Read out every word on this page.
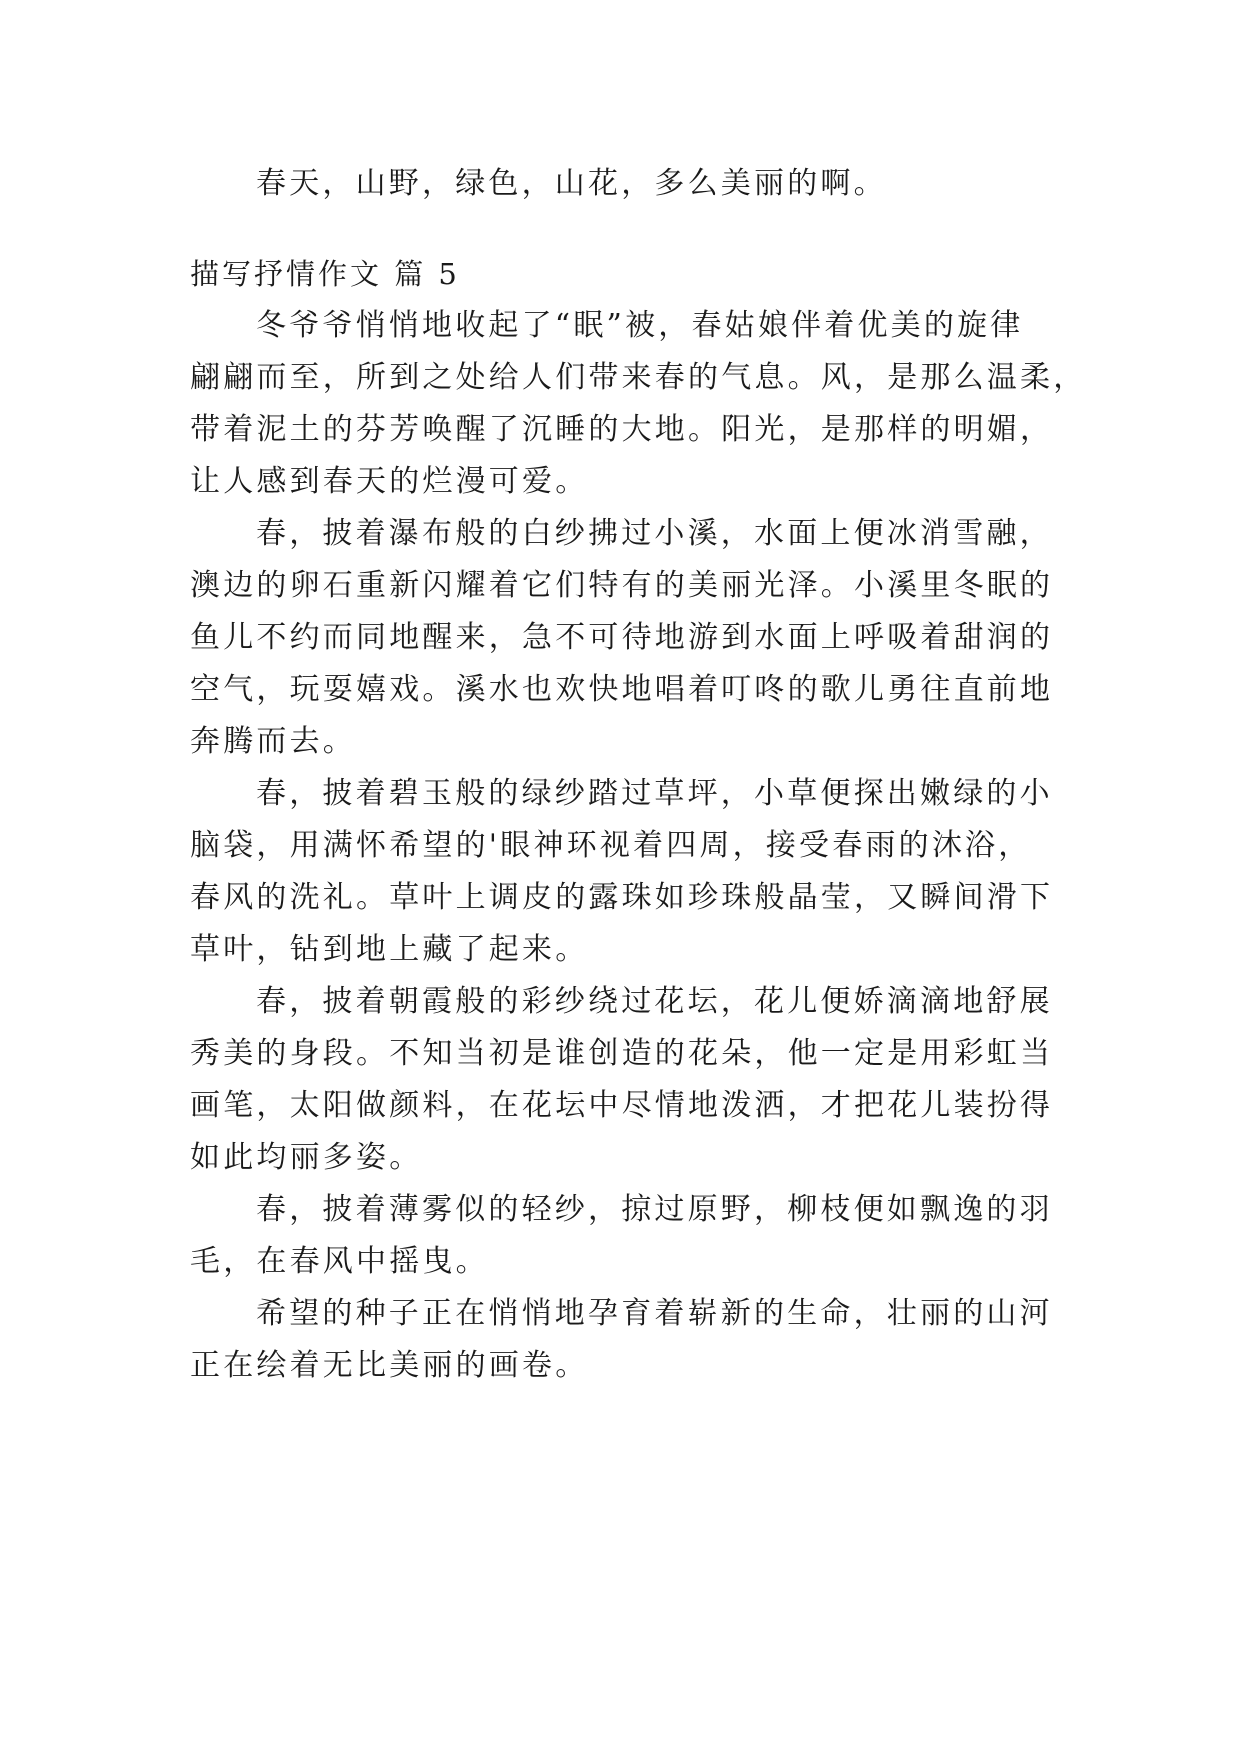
春天，山野，绿色，山花，多么美丽的啊。
描写抒情作文 篇 5
冬爷爷悄悄地收起了“眠”被，春姑娘伴着优美的旋律
翩翩而至，所到之处给人们带来春的气息。风，是那么温柔，
带着泥土的芬芳唤醒了沉睡的大地。阳光，是那样的明媚，
让人感到春天的烂漫可爱。
春，披着瀑布般的白纱拂过小溪，水面上便冰消雪融，
澳边的卵石重新闪耀着它们特有的美丽光泽。小溪里冬眠的
鱼儿不约而同地醒来，急不可待地游到水面上呼吸着甜润的
空气，玩耍嬉戏。溪水也欢快地唱着叮咚的歌儿勇往直前地
奔腾而去。
春，披着碧玉般的绿纱踏过草坪，小草便探出嫩绿的小
脑袋，用满怀希望的'眼神环视着四周，接受春雨的沐浴，
春风的洗礼。草叶上调皮的露珠如珍珠般晶莹，又瞬间滑下
草叶，钻到地上藏了起来。
春，披着朝霞般的彩纱绕过花坛，花儿便娇滴滴地舒展
秀美的身段。不知当初是谁创造的花朵，他一定是用彩虹当
画笔，太阳做颜料，在花坛中尽情地泼洒，才把花儿装扮得
如此均丽多姿。
春，披着薄雾似的轻纱，掠过原野，柳枝便如飘逸的羽
毛，在春风中摇曳。
希望的种子正在悄悄地孕育着崭新的生命，壮丽的山河
正在绘着无比美丽的画卷。
